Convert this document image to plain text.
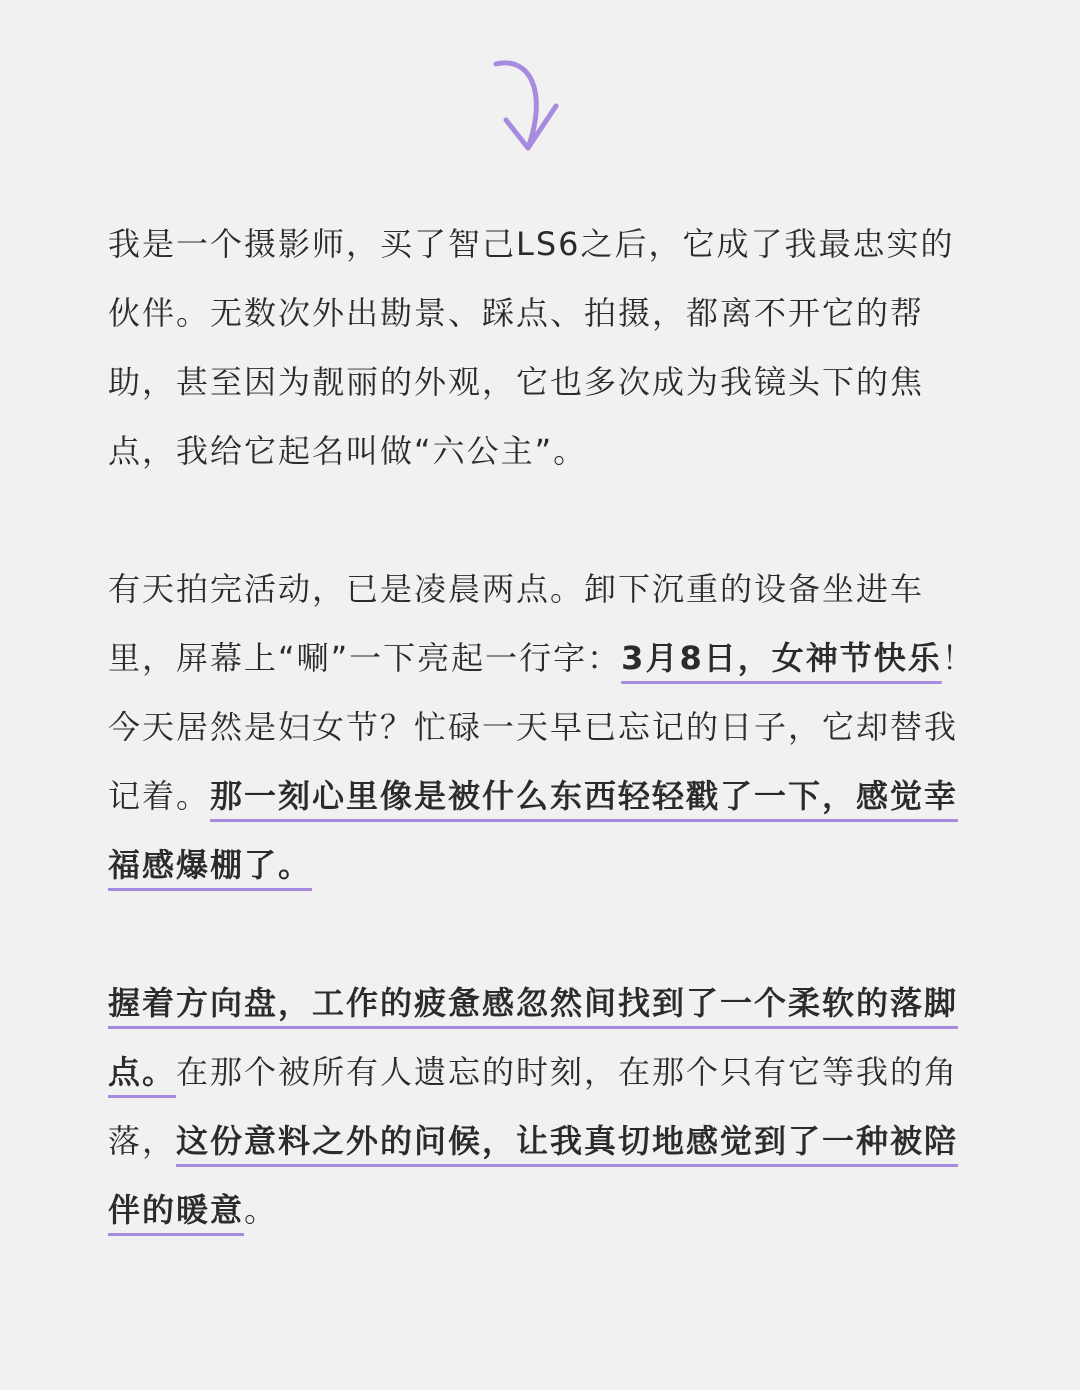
我是一个摄影师，买了智己LS6之后，它成了我最忠实的伙伴。无数次外出勘景、踩点、拍摄，都离不开它的帮助，甚至因为靓丽的外观，它也多次成为我镜头下的焦点，我给它起名叫做“六公主”。

有天拍完活动，已是凌晨两点。卸下沉重的设备坐进车里，屏幕上“唰”一下亮起一行字：3月8日，女神节快乐！今天居然是妇女节？忙碌一天早已忘记的日子，它却替我记着。那一刻心里像是被什么东西轻轻戳了一下，感觉幸福感爆棚了。

握着方向盘，工作的疲惫感忽然间找到了一个柔软的落脚点。在那个被所有人遗忘的时刻，在那个只有它等我的角落，这份意料之外的问候，让我真切地感觉到了一种被陪伴的暖意。
